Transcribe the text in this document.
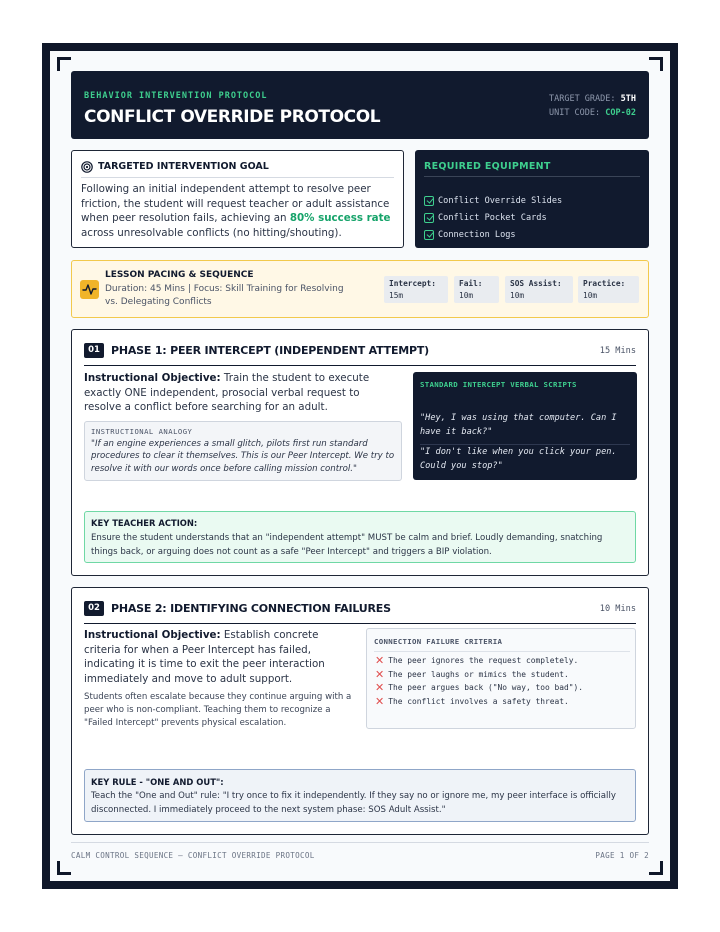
BEHAVIOR INTERVENTION PROTOCOL
CONFLICT OVERRIDE PROTOCOL
TARGET GRADE: 5TH
UNIT CODE: COP-02
TARGETED INTERVENTION GOAL
Following an initial independent attempt to resolve peer friction, the student will request teacher or adult assistance when peer resolution fails, achieving an 80% success rate across unresolvable conflicts (no hitting/shouting).
REQUIRED EQUIPMENT
Conflict Override Slides
Conflict Pocket Cards
Connection Logs
LESSON PACING & SEQUENCE
Duration: 45 Mins | Focus: Skill Training for Resolving vs. Delegating Conflicts
Intercept:
15m
Fail:
10m
SOS Assist:
10m
Practice:
10m
01	PHASE 1: PEER INTERCEPT (INDEPENDENT ATTEMPT)	15 Mins
Instructional Objective: Train the student to execute exactly ONE independent, prosocial verbal request to resolve a conflict before searching for an adult.
INSTRUCTIONAL ANALOGY
"If an engine experiences a small glitch, pilots first run standard procedures to clear it themselves. This is our Peer Intercept. We try to resolve it with our words once before calling mission control."
STANDARD INTERCEPT VERBAL SCRIPTS
"Hey, I was using that computer. Can I have it back?"
"I don't like when you click your pen. Could you stop?"
KEY TEACHER ACTION:
Ensure the student understands that an "independent attempt" MUST be calm and brief. Loudly demanding, snatching things back, or arguing does not count as a safe "Peer Intercept" and triggers a BIP violation.
02	PHASE 2: IDENTIFYING CONNECTION FAILURES	10 Mins
Instructional Objective: Establish concrete criteria for when a Peer Intercept has failed, indicating it is time to exit the peer interaction immediately and move to adult support.
Students often escalate because they continue arguing with a peer who is non-compliant. Teaching them to recognize a "Failed Intercept" prevents physical escalation.
CONNECTION FAILURE CRITERIA
✕ The peer ignores the request completely.
✕ The peer laughs or mimics the student.
✕ The peer argues back ("No way, too bad").
✕ The conflict involves a safety threat.
KEY RULE - "ONE AND OUT":
Teach the "One and Out" rule: "I try once to fix it independently. If they say no or ignore me, my peer interface is officially disconnected. I immediately proceed to the next system phase: SOS Adult Assist."
CALM CONTROL SEQUENCE — CONFLICT OVERRIDE PROTOCOL	PAGE 1 OF 2
